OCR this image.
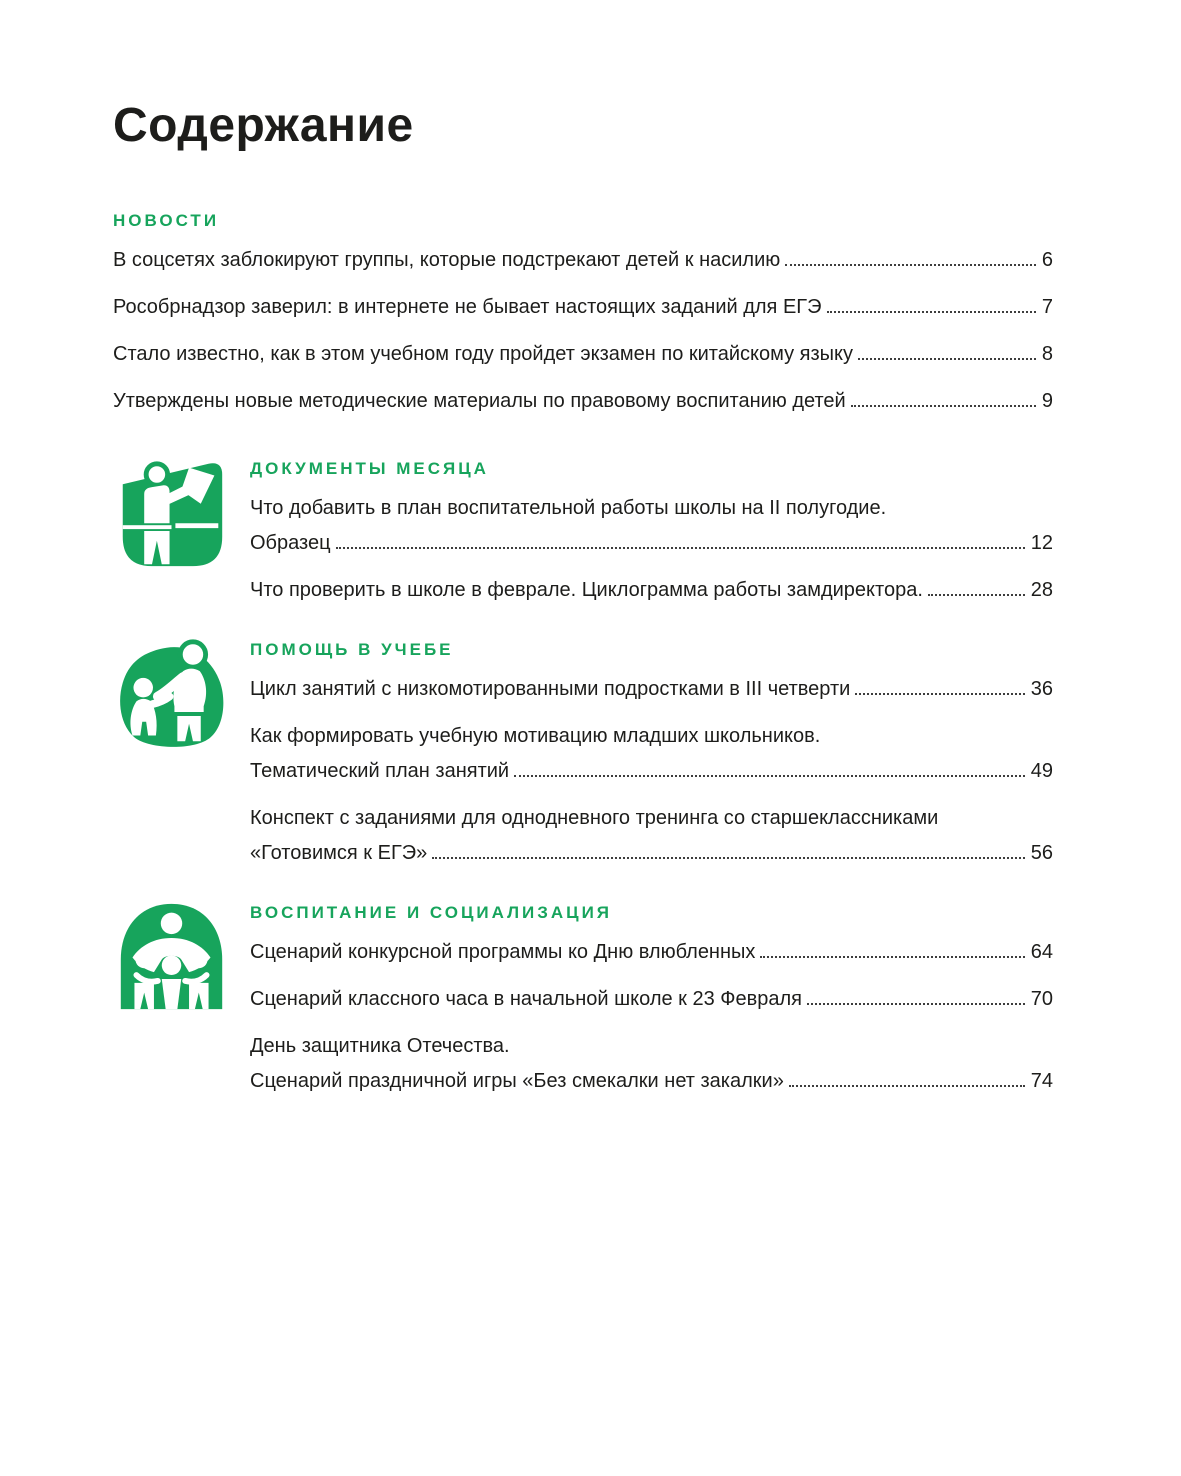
Содержание
НОВОСТИ
В соцсетях заблокируют группы, которые подстрекают детей к насилию	6
Рособрнадзор заверил: в интернете не бывает настоящих заданий для ЕГЭ	7
Стало известно, как в этом учебном году пройдет экзамен по китайскому языку	8
Утверждены новые методические материалы по правовому воспитанию детей	9
ДОКУМЕНТЫ МЕСЯЦА
Что добавить в план воспитательной работы школы на II полугодие.
Образец	12
Что проверить в школе в феврале. Циклограмма работы замдиректора.	28
ПОМОЩЬ В УЧЕБЕ
Цикл занятий с низкомотированными подростками в III четверти	36
Как формировать учебную мотивацию младших школьников.
Тематический план занятий	49
Конспект с заданиями для однодневного тренинга со старшеклассниками
«Готовимся к ЕГЭ»	56
ВОСПИТАНИЕ И СОЦИАЛИЗАЦИЯ
Сценарий конкурсной программы ко Дню влюбленных	64
Сценарий классного часа в начальной школе к 23 Февраля	70
День защитника Отечества.
Сценарий праздничной игры «Без смекалки нет закалки»	74
